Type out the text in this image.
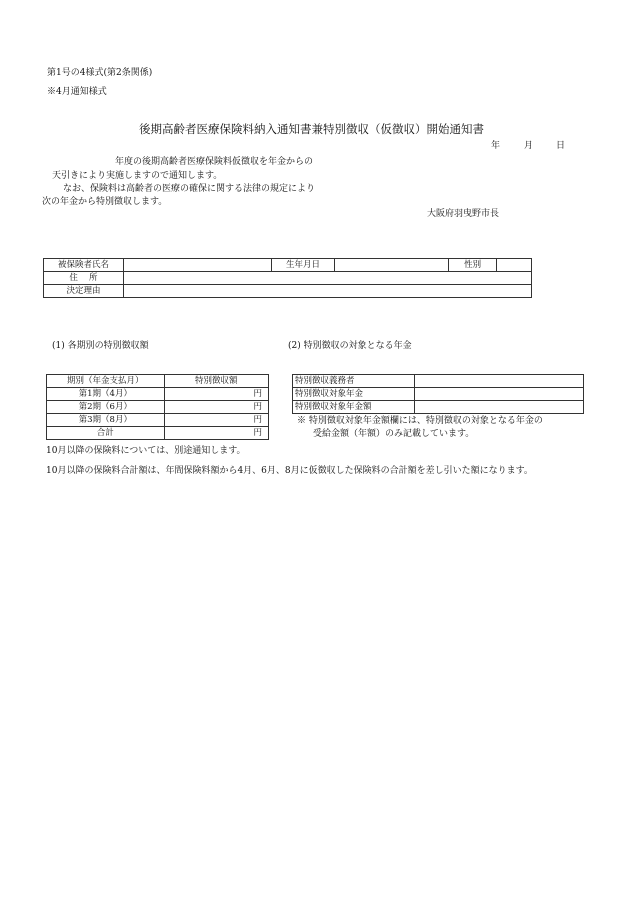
第1号の4様式(第2条関係)
※4月通知様式
後期高齢者医療保険料納入通知書兼特別徴収（仮徴収）開始通知書
年	月	日
年度の後期高齢者医療保険料仮徴収を年金からの
天引きにより実施しますので通知します。
なお、保険料は高齢者の医療の確保に関する法律の規定により
次の年金から特別徴収します。
大阪府羽曳野市長
被保険者氏名		生年月日		性別	
住　 所					
決定理由					
(1) 各期別の特別徴収額	(2) 特別徴収の対象となる年金
期別（年金支払月）	特別徴収額
第1期（4月）	円
第2期（6月）	円
第3期（8月）	円
合計	円
特別徴収義務者	
特別徴収対象年金	
特別徴収対象年金額	
※ 特別徴収対象年金額欄には、特別徴収の対象となる年金の
受給金額（年額）のみ記載しています。
10月以降の保険料については、別途通知します。
10月以降の保険料合計額は、年間保険料額から4月、6月、8月に仮徴収した保険料の合計額を差し引いた額になります。
